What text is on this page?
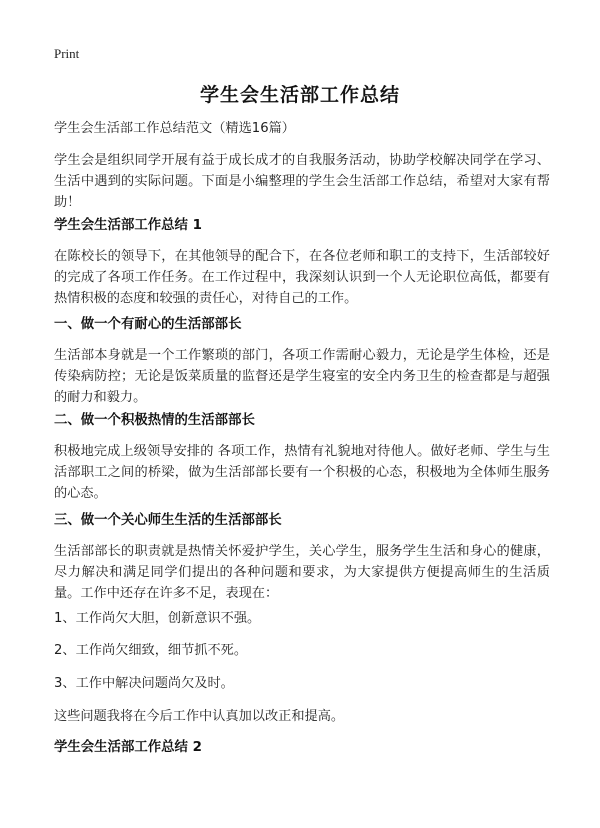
Print
学生会生活部工作总结
学生会生活部工作总结范文（精选16篇）
学生会是组织同学开展有益于成长成才的自我服务活动，协助学校解决同学在学习、生活中遇到的实际问题。下面是小编整理的学生会生活部工作总结，希望对大家有帮助！
学生会生活部工作总结 1
在陈校长的领导下，在其他领导的配合下，在各位老师和职工的支持下，生活部较好的完成了各项工作任务。在工作过程中，我深刻认识到一个人无论职位高低，都要有热情积极的态度和较强的责任心，对待自己的工作。
一、做一个有耐心的生活部部长
生活部本身就是一个工作繁琐的部门，各项工作需耐心毅力，无论是学生体检，还是传染病防控；无论是饭菜质量的监督还是学生寝室的安全内务卫生的检查都是与超强的耐力和毅力。
二、做一个积极热情的生活部部长
积极地完成上级领导安排的 各项工作，热情有礼貌地对待他人。做好老师、学生与生活部职工之间的桥梁，做为生活部部长要有一个积极的心态，积极地为全体师生服务的心态。
三、做一个关心师生生活的生活部部长
生活部部长的职责就是热情关怀爱护学生，关心学生，服务学生生活和身心的健康，尽力解决和满足同学们提出的各种问题和要求，为大家提供方便提高师生的生活质量。工作中还存在许多不足，表现在：
1、工作尚欠大胆，创新意识不强。
2、工作尚欠细致，细节抓不死。
3、工作中解决问题尚欠及时。
这些问题我将在今后工作中认真加以改正和提高。
学生会生活部工作总结 2
